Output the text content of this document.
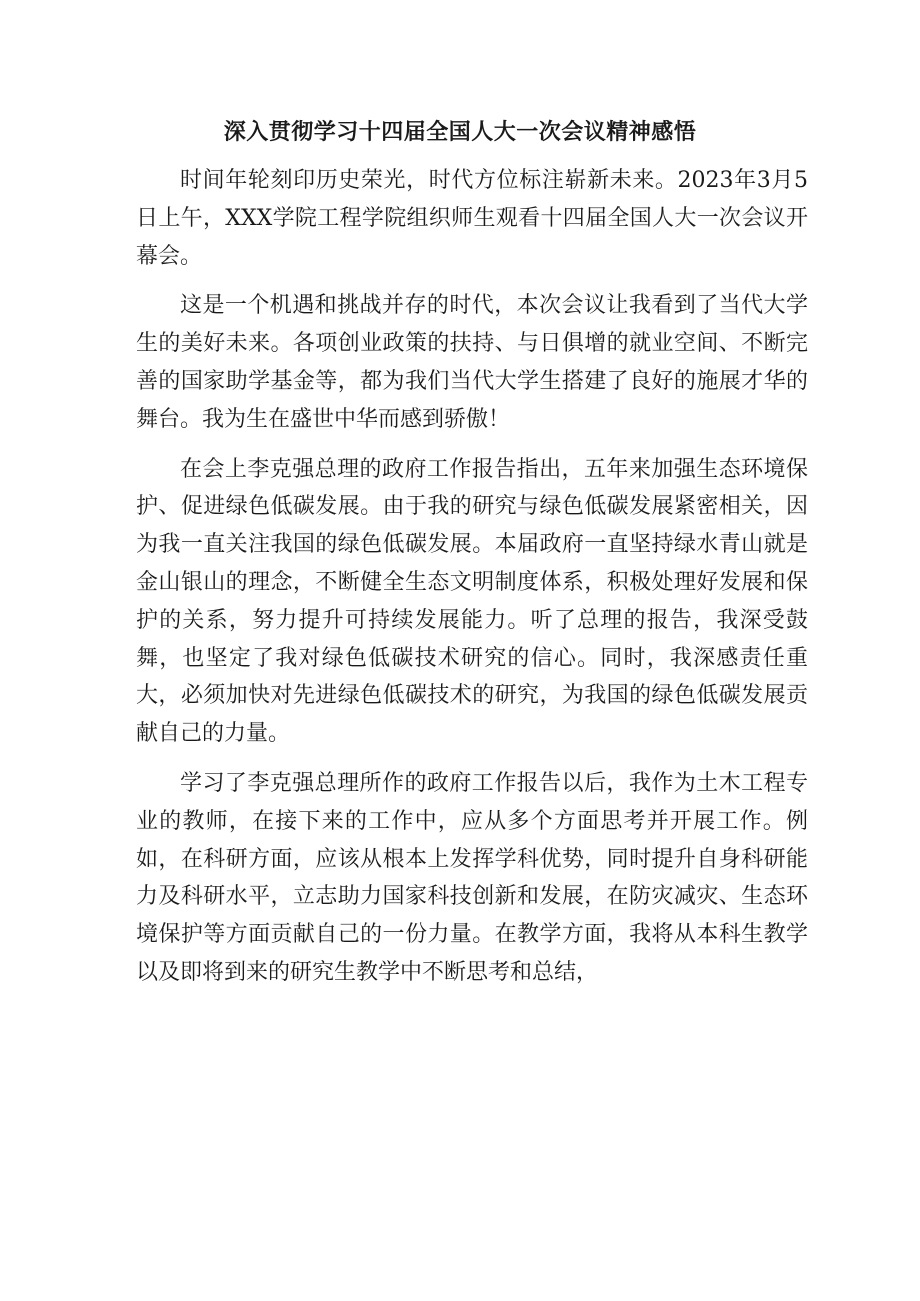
深入贯彻学习十四届全国人大一次会议精神感悟

时间年轮刻印历史荣光，时代方位标注崭新未来。2023年3月5日上午，XXX学院工程学院组织师生观看十四届全国人大一次会议开幕会。

这是一个机遇和挑战并存的时代，本次会议让我看到了当代大学生的美好未来。各项创业政策的扶持、与日俱增的就业空间、不断完善的国家助学基金等，都为我们当代大学生搭建了良好的施展才华的舞台。我为生在盛世中华而感到骄傲！

在会上李克强总理的政府工作报告指出，五年来加强生态环境保护、促进绿色低碳发展。由于我的研究与绿色低碳发展紧密相关，因为我一直关注我国的绿色低碳发展。本届政府一直坚持绿水青山就是金山银山的理念，不断健全生态文明制度体系，积极处理好发展和保护的关系，努力提升可持续发展能力。听了总理的报告，我深受鼓舞，也坚定了我对绿色低碳技术研究的信心。同时，我深感责任重大，必须加快对先进绿色低碳技术的研究，为我国的绿色低碳发展贡献自己的力量。

学习了李克强总理所作的政府工作报告以后，我作为土木工程专业的教师，在接下来的工作中，应从多个方面思考并开展工作。例如，在科研方面，应该从根本上发挥学科优势，同时提升自身科研能力及科研水平，立志助力国家科技创新和发展，在防灾减灾、生态环境保护等方面贡献自己的一份力量。在教学方面，我将从本科生教学以及即将到来的研究生教学中不断思考和总结，
